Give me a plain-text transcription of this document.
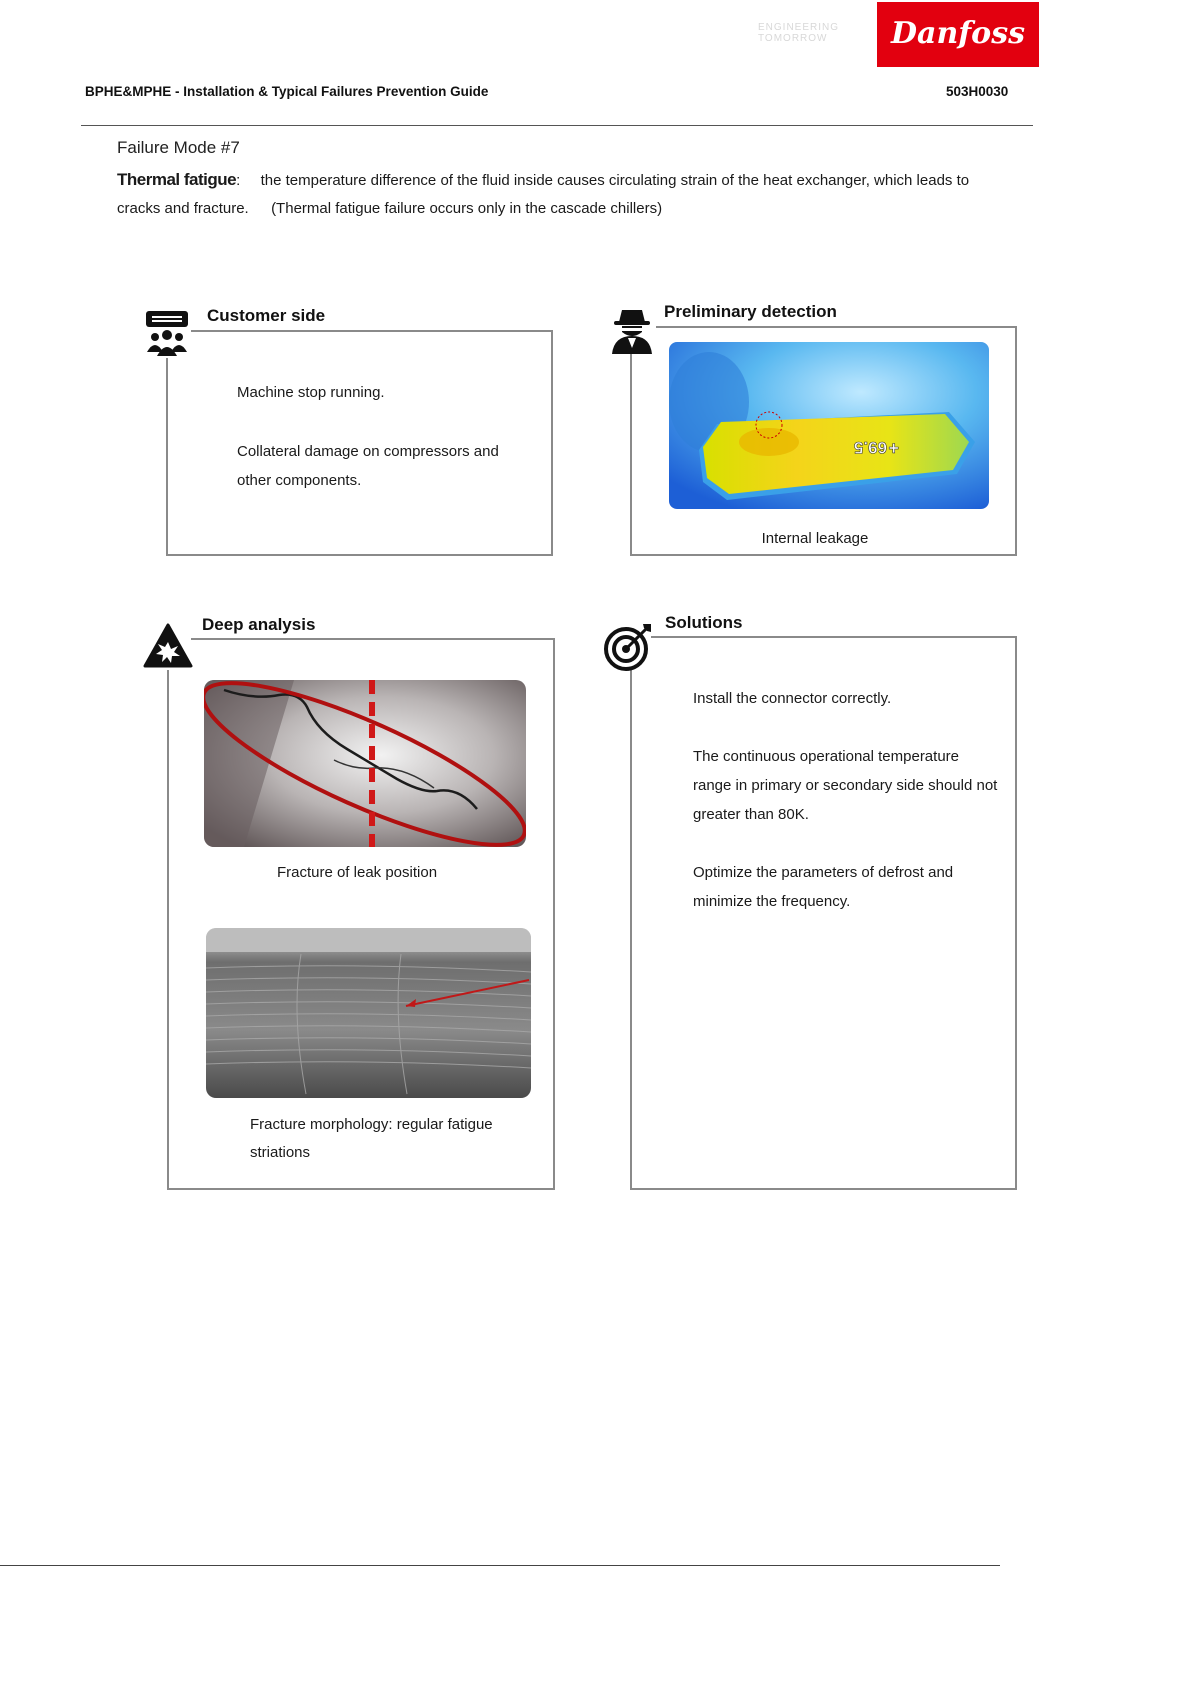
ENGINEERING TOMORROW	Danfoss
BPHE&MPHE - Installation & Typical Failures Prevention Guide	503H0030
Failure Mode #7
Thermal fatigue: the temperature difference of the fluid inside causes circulating strain of the heat exchanger, which leads to
cracks and fracture. (Thermal fatigue failure occurs only in the cascade chillers)
Customer side
Machine stop running.
Collateral damage on compressors and other components.
Preliminary detection
+
69.5
Internal leakage
Deep analysis
Fracture of leak position
Fracture morphology: regular fatigue striations
Solutions
Install the connector correctly.
The continuous operational temperature range in primary or secondary side should not greater than 80K.
Optimize the parameters of defrost and minimize the frequency.
